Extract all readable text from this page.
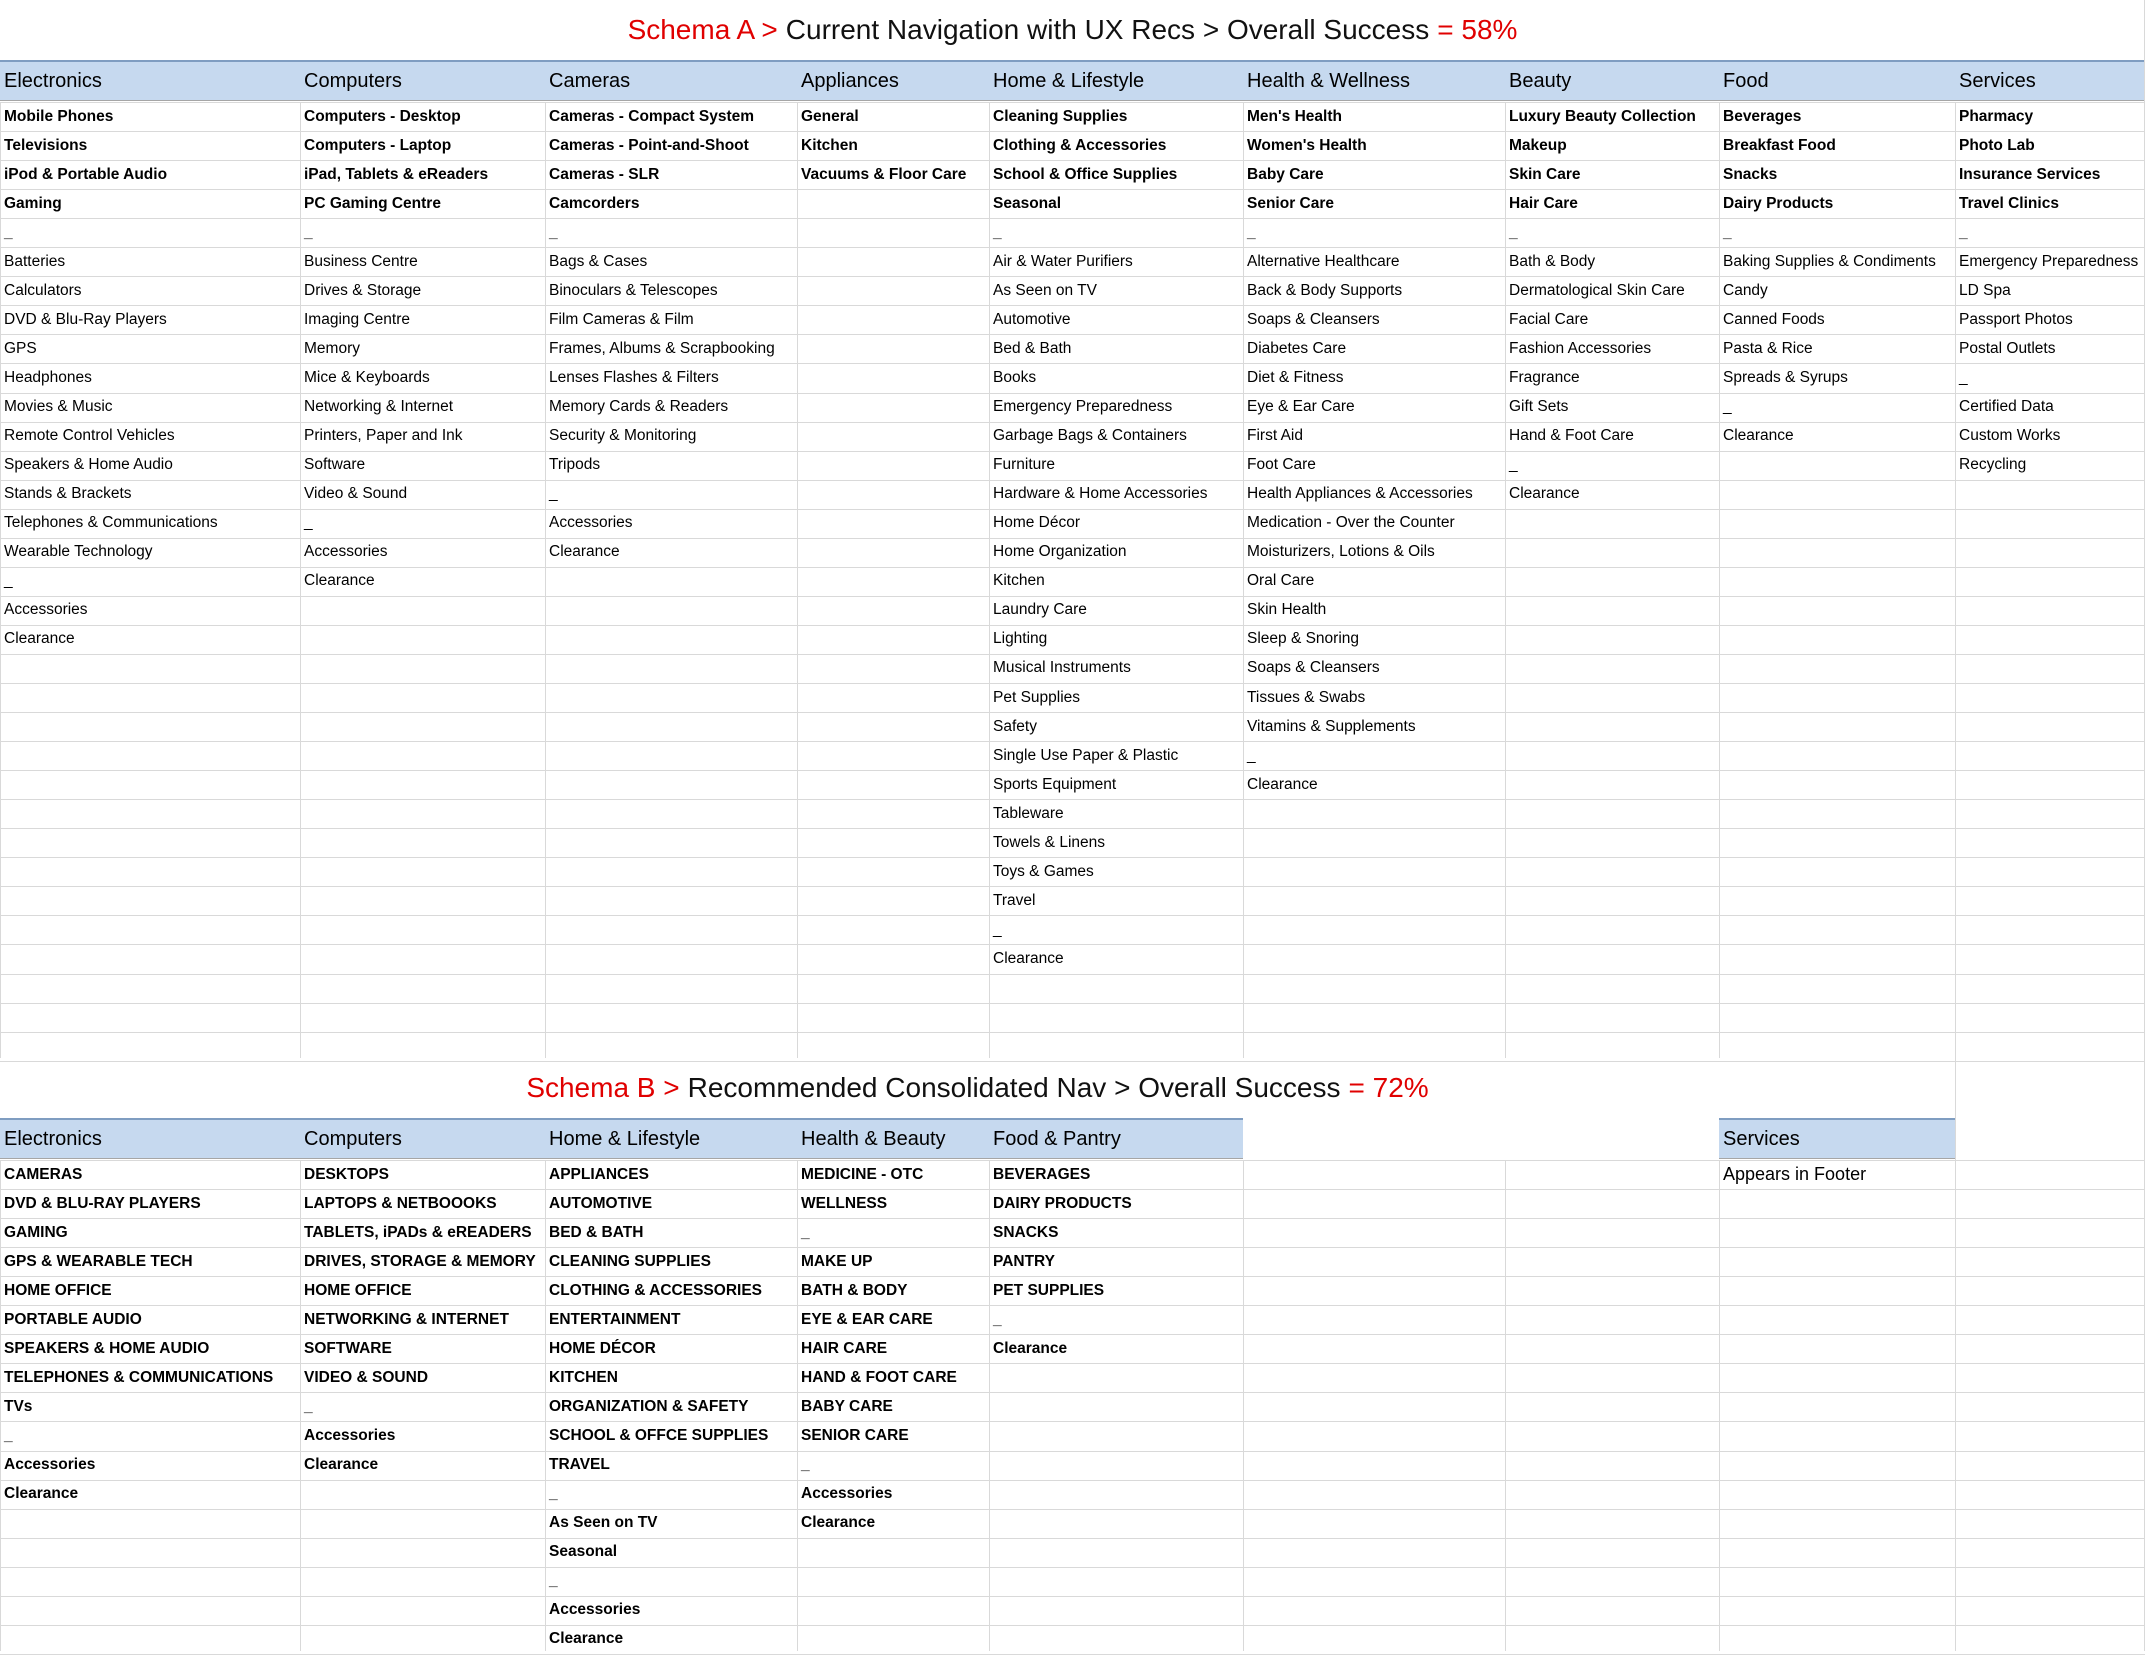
Schema A > Current Navigation with UX Recs > Overall Success = 58%
Electronics
Mobile Phones
Televisions
iPod & Portable Audio
Gaming
_
Batteries
Calculators
DVD & Blu-Ray Players
GPS
Headphones
Movies & Music
Remote Control Vehicles
Speakers & Home Audio
Stands & Brackets
Telephones & Communications
Wearable Technology
_
Accessories
Clearance
Computers
Computers - Desktop
Computers - Laptop
iPad, Tablets & eReaders
PC Gaming Centre
_
Business Centre
Drives & Storage
Imaging Centre
Memory
Mice & Keyboards
Networking & Internet
Printers, Paper and Ink
Software
Video & Sound
_
Accessories
Clearance
Cameras
Cameras - Compact System
Cameras - Point-and-Shoot
Cameras - SLR
Camcorders
_
Bags & Cases
Binoculars & Telescopes
Film Cameras & Film
Frames, Albums & Scrapbooking
Lenses Flashes & Filters
Memory Cards & Readers
Security & Monitoring
Tripods
_
Accessories
Clearance
Appliances
General
Kitchen
Vacuums & Floor Care
Home & Lifestyle
Cleaning Supplies
Clothing & Accessories
School & Office Supplies
Seasonal
_
Air & Water Purifiers
As Seen on TV
Automotive
Bed & Bath
Books
Emergency Preparedness
Garbage Bags & Containers
Furniture
Hardware & Home Accessories
Home Décor
Home Organization
Kitchen
Laundry Care
Lighting
Musical Instruments
Pet Supplies
Safety
Single Use Paper & Plastic
Sports Equipment
Tableware
Towels & Linens
Toys & Games
Travel
_
Clearance
Health & Wellness
Men's Health
Women's Health
Baby Care
Senior Care
_
Alternative Healthcare
Back & Body Supports
Soaps & Cleansers
Diabetes Care
Diet & Fitness
Eye & Ear Care
First Aid
Foot Care
Health Appliances & Accessories
Medication - Over the Counter
Moisturizers, Lotions & Oils
Oral Care
Skin Health
Sleep & Snoring
Soaps & Cleansers
Tissues & Swabs
Vitamins & Supplements
_
Clearance
Beauty
Luxury Beauty Collection
Makeup
Skin Care
Hair Care
_
Bath & Body
Dermatological Skin Care
Facial Care
Fashion Accessories
Fragrance
Gift Sets
Hand & Foot Care
_
Clearance
Food
Beverages
Breakfast Food
Snacks
Dairy Products
_
Baking Supplies & Condiments
Candy
Canned Foods
Pasta & Rice
Spreads & Syrups
_
Clearance
Services
Pharmacy
Photo Lab
Insurance Services
Travel Clinics
_
Emergency Preparedness
LD Spa
Passport Photos
Postal Outlets
_
Certified Data
Custom Works
Recycling
Schema B > Recommended Consolidated Nav > Overall Success = 72%
Electronics
CAMERAS
DVD & BLU-RAY PLAYERS
GAMING
GPS & WEARABLE TECH
HOME OFFICE
PORTABLE AUDIO
SPEAKERS & HOME AUDIO
TELEPHONES & COMMUNICATIONS
TVs
_
Accessories
Clearance
Computers
DESKTOPS
LAPTOPS & NETBOOOKS
TABLETS, iPADs & eREADERS
DRIVES, STORAGE & MEMORY
HOME OFFICE
NETWORKING & INTERNET
SOFTWARE
VIDEO & SOUND
_
Accessories
Clearance
Home & Lifestyle
APPLIANCES
AUTOMOTIVE
BED & BATH
CLEANING SUPPLIES
CLOTHING & ACCESSORIES
ENTERTAINMENT
HOME DÉCOR
KITCHEN
ORGANIZATION & SAFETY
SCHOOL & OFFCE SUPPLIES
TRAVEL
_
As Seen on TV
Seasonal
_
Accessories
Clearance
Health & Beauty
MEDICINE - OTC
WELLNESS
_
MAKE UP
BATH & BODY
EYE & EAR CARE
HAIR CARE
HAND & FOOT CARE
BABY CARE
SENIOR CARE
_
Accessories
Clearance
Food & Pantry
BEVERAGES
DAIRY PRODUCTS
SNACKS
PANTRY
PET SUPPLIES
_
Clearance
Services
Appears in Footer
